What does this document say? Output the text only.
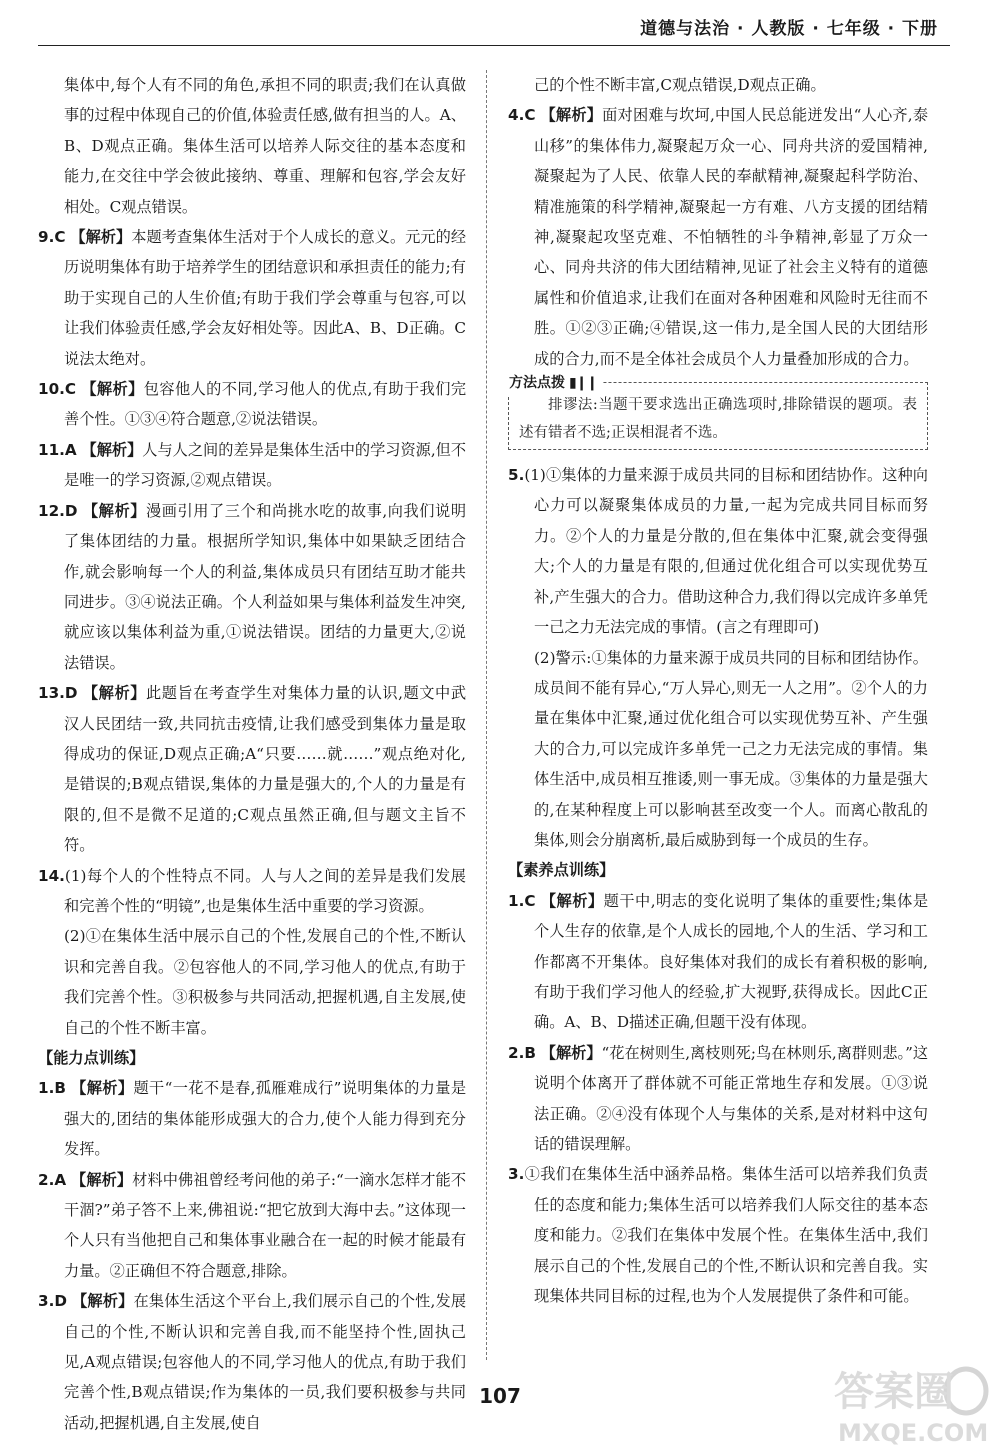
道德与法治 · 人教版 · 七年级 · 下册

集体中,每个人有不同的角色,承担不同的职责;我们在认真做事的过程中体现自己的价值,体验责任感,做有担当的人。A、B、D观点正确。集体生活可以培养人际交往的基本态度和能力,在交往中学会彼此接纳、尊重、理解和包容,学会友好相处。C观点错误。

9.C 【解析】本题考查集体生活对于个人成长的意义。元元的经历说明集体有助于培养学生的团结意识和承担责任的能力;有助于实现自己的人生价值;有助于我们学会尊重与包容,可以让我们体验责任感,学会友好相处等。因此A、B、D正确。C说法太绝对。

10.C 【解析】包容他人的不同,学习他人的优点,有助于我们完善个性。①③④符合题意,②说法错误。

11.A 【解析】人与人之间的差异是集体生活中的学习资源,但不是唯一的学习资源,②观点错误。

12.D 【解析】漫画引用了三个和尚挑水吃的故事,向我们说明了集体团结的力量。根据所学知识,集体中如果缺乏团结合作,就会影响每一个人的利益,集体成员只有团结互助才能共同进步。③④说法正确。个人利益如果与集体利益发生冲突,就应该以集体利益为重,①说法错误。团结的力量更大,②说法错误。

13.D 【解析】此题旨在考查学生对集体力量的认识,题文中武汉人民团结一致,共同抗击疫情,让我们感受到集体力量是取得成功的保证,D观点正确;A“只要……就……”观点绝对化,是错误的;B观点错误,集体的力量是强大的,个人的力量是有限的,但不是微不足道的;C观点虽然正确,但与题文主旨不符。

14.(1)每个人的个性特点不同。人与人之间的差异是我们发展和完善个性的“明镜”,也是集体生活中重要的学习资源。

(2)①在集体生活中展示自己的个性,发展自己的个性,不断认识和完善自我。②包容他人的不同,学习他人的优点,有助于我们完善个性。③积极参与共同活动,把握机遇,自主发展,使自己的个性不断丰富。

【能力点训练】

1.B 【解析】题干“一花不是春,孤雁难成行”说明集体的力量是强大的,团结的集体能形成强大的合力,使个人能力得到充分发挥。

2.A 【解析】材料中佛祖曾经考问他的弟子:“一滴水怎样才能不干涸?”弟子答不上来,佛祖说:“把它放到大海中去。”这体现一个人只有当他把自己和集体事业融合在一起的时候才能最有力量。②正确但不符合题意,排除。

3.D 【解析】在集体生活这个平台上,我们展示自己的个性,发展自己的个性,不断认识和完善自我,而不能坚持个性,固执己见,A观点错误;包容他人的不同,学习他人的优点,有助于我们完善个性,B观点错误;作为集体的一员,我们要积极参与共同活动,把握机遇,自主发展,使自

己的个性不断丰富,C观点错误,D观点正确。

4.C 【解析】面对困难与坎坷,中国人民总能迸发出“人心齐,泰山移”的集体伟力,凝聚起万众一心、同舟共济的爱国精神,凝聚起为了人民、依靠人民的奉献精神,凝聚起科学防治、精准施策的科学精神,凝聚起一方有难、八方支援的团结精神,凝聚起攻坚克难、不怕牺牲的斗争精神,彰显了万众一心、同舟共济的伟大团结精神,见证了社会主义特有的道德属性和价值追求,让我们在面对各种困难和风险时无往而不胜。①②③正确;④错误,这一伟力,是全国人民的大团结形成的合力,而不是全体社会成员个人力量叠加形成的合力。

方法点拨 ▮❙❙
排谬法:当题干要求选出正确选项时,排除错误的题项。表述有错者不选;正误相混者不选。

5.(1)①集体的力量来源于成员共同的目标和团结协作。这种向心力可以凝聚集体成员的力量,一起为完成共同目标而努力。②个人的力量是分散的,但在集体中汇聚,就会变得强大;个人的力量是有限的,但通过优化组合可以实现优势互补,产生强大的合力。借助这种合力,我们得以完成许多单凭一己之力无法完成的事情。(言之有理即可)

(2)警示:①集体的力量来源于成员共同的目标和团结协作。成员间不能有异心,“万人异心,则无一人之用”。②个人的力量在集体中汇聚,通过优化组合可以实现优势互补、产生强大的合力,可以完成许多单凭一己之力无法完成的事情。集体生活中,成员相互推诿,则一事无成。③集体的力量是强大的,在某种程度上可以影响甚至改变一个人。而离心散乱的集体,则会分崩离析,最后威胁到每一个成员的生存。

【素养点训练】

1.C 【解析】题干中,明志的变化说明了集体的重要性;集体是个人生存的依靠,是个人成长的园地,个人的生活、学习和工作都离不开集体。良好集体对我们的成长有着积极的影响,有助于我们学习他人的经验,扩大视野,获得成长。因此C正确。A、B、D描述正确,但题干没有体现。

2.B 【解析】“花在树则生,离枝则死;鸟在林则乐,离群则悲。”这说明个体离开了群体就不可能正常地生存和发展。①③说法正确。②④没有体现个人与集体的关系,是对材料中这句话的错误理解。

3.①我们在集体生活中涵养品格。集体生活可以培养我们负责任的态度和能力;集体生活可以培养我们人际交往的基本态度和能力。②我们在集体中发展个性。在集体生活中,我们展示自己的个性,发展自己的个性,不断认识和完善自我。实现集体共同目标的过程,也为个人发展提供了条件和可能。

107	答案圈
MXQE.COM
